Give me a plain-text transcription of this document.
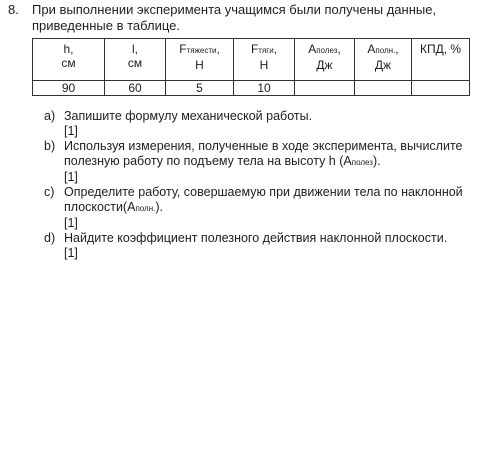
8. При выполнении эксперимента учащимся были получены данные,
приведенные в таблице.
h,
см	l,
см	Fтяжести,
Н	Fтяги,
Н	Aполез,
Дж	Aполн.,
Дж	КПД, %
90	60	5	10			
a) Запишите формулу механической работы.
[1]
b) Используя измерения, полученные в ходе эксперимента, вычислите
полезную работу по подъему тела на высоту h (Aполез).
[1]
c) Определите работу, совершаемую при движении тела по наклонной
плоскости(Aполн.).
[1]
d) Найдите коэффициент полезного действия наклонной плоскости.
[1]
